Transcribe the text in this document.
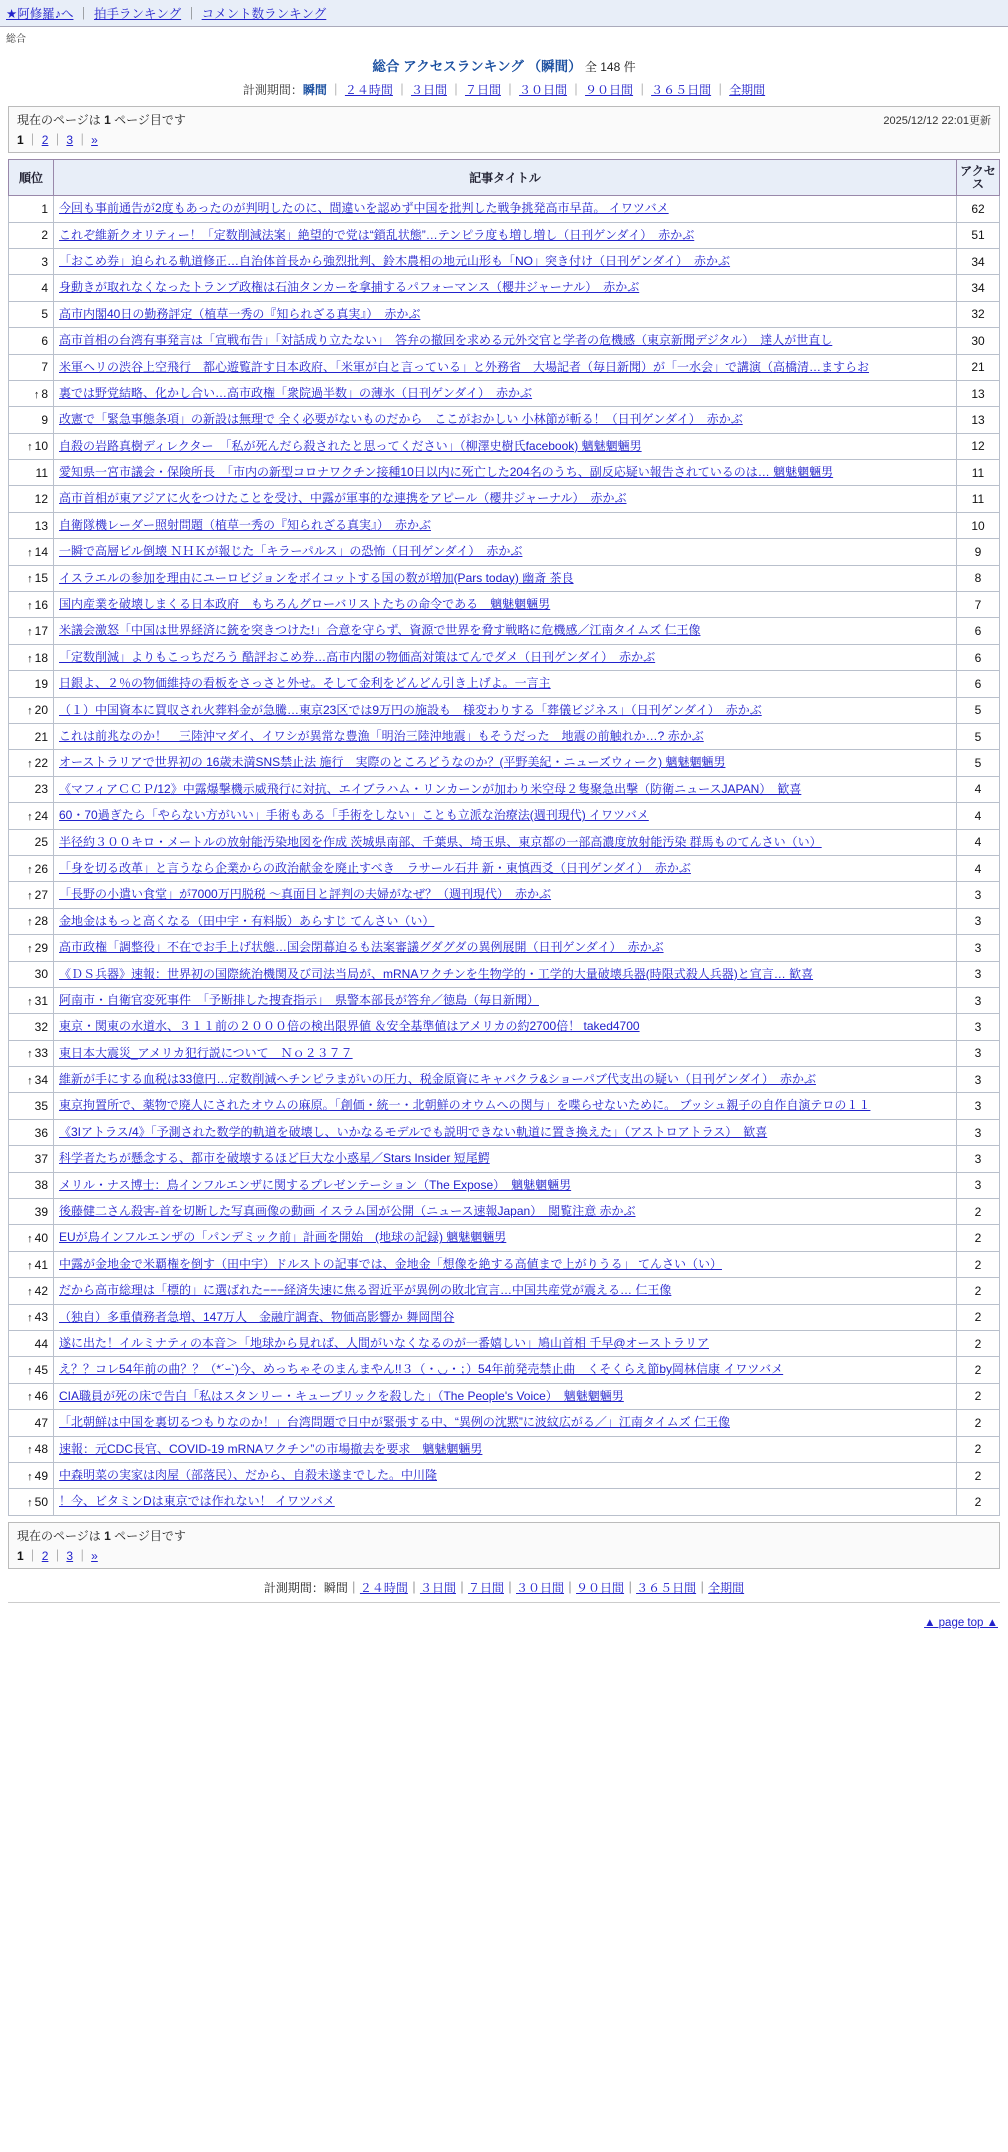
★阿修羅♪へ ｜ 拍手ランキング ｜ コメント数ランキング
総合
総合 アクセスランキング （瞬間） 全 148 件
計測期間：瞬間 ｜ ２４時間 ｜ ３日間 ｜ ７日間 ｜ ３０日間 ｜ ９０日間 ｜ ３６５日間 ｜ 全期間
現在のページは 1 ページ目です
1 ｜ 2 ｜ 3 ｜ »
2025/12/12 22:01更新
順位	記事タイトル	アクセス
1	今回も事前通告が2度もあったのが判明したのに、間違いを認めず中国を批判した戦争挑発高市早苗。 イワツバメ	62
2	これぞ維新クオリティー！「定数削減法案」絶望的で党は“鎖乱状態”…テンピラ度も増し増し（日刊ゲンダイ）　赤かぶ	51
3	「おこめ券」迫られる軌道修正…自治体首長から強烈批判、鈴木農相の地元山形も「NO」突き付け（日刊ゲンダイ）　赤かぶ	34
4	身動きが取れなくなったトランプ政権は石油タンカーを拿捕するパフォーマンス（櫻井ジャーナル）　赤かぶ	34
5	高市内閣40日の勤務評定（植草一秀の『知られざる真実』）　赤かぶ	32
6	高市首相の台湾有事発言は「宣戦布告」「対話成り立たない」　答弁の撤回を求める元外交官と学者の危機感（東京新聞デジタル）　達人が世直し	30
7	米軍ヘリの渋谷上空飛行　都心遊覧許す日本政府、「米軍が白と言っている」と外務省　大場記者（毎日新聞）が「一水会」で講演（高橋清…ますらお	21
↑ 8	裏では野党結略、化かし合い…高市政権「衆院過半数」の薄氷（日刊ゲンダイ）　赤かぶ	13
9	改憲で「緊急事態条項」の新設は無理で 全く必要がないものだから　ここがおかしい 小林節が斬る！（日刊ゲンダイ）　赤かぶ	13
↑ 10	自殺の岩路真樹ディレクター　「私が死んだら殺されたと思ってください」（柳澤史樹氏facebook) 魑魅魍魎男	12
11	愛知県一宮市議会・保険所長　「市内の新型コロナワクチン接種10日以内に死亡した204名のうち、副反応疑い報告されているのは… 魑魅魍魎男	11
12	高市首相が東アジアに火をつけたことを受け、中露が軍事的な連携をアピール（櫻井ジャーナル）　赤かぶ	11
13	自衛隊機レーダー照射問題（植草一秀の『知られざる真実』）　赤かぶ	10
↑ 14	一瞬で高層ビル倒壊 ＮＨＫが報じた「キラーパルス」の恐怖（日刊ゲンダイ）　赤かぶ	9
↑ 15	イスラエルの参加を理由にユーロビジョンをボイコットする国の数が増加(Pars today) 幽斎 茶良	8
↑ 16	国内産業を破壊しまくる日本政府　もちろんグローバリストたちの命令である　魑魅魍魎男	7
↑ 17	米議会激怒「中国は世界経済に銃を突きつけた!」合意を守らず、資源で世界を脅す戦略に危機感／江南タイムズ 仁王像	6
↑ 18	「定数削減」よりもこっちだろう 酷評おこめ券…高市内閣の物価高対策はてんでダメ（日刊ゲンダイ）　赤かぶ	6
19	日銀よ、２％の物価維持の看板をさっさと外せ。そして金利をどんどん引き上げよ。一言主	6
↑ 20	（１）中国資本に買収され火葬料金が急騰…東京23区では9万円の施設も　様変わりする「葬儀ビジネス」（日刊ゲンダイ）　赤かぶ	5
21	これは前兆なのか！　三陸沖マダイ、イワシが異常な豊漁「明治三陸沖地震」もそうだった　地震の前触れか…? 赤かぶ	5
↑ 22	オーストラリアで世界初の 16歳未満SNS禁止法 施行　実際のところどうなのか？(平野美紀・ニューズウィーク) 魑魅魍魎男	5
23	《マフィアＣＣＰ/12》中露爆撃機示威飛行に対抗、エイブラハム・リンカーンが加わり米空母２隻聚急出撃（防衛ニュースJAPAN）　歓喜	4
↑ 24	60・70過ぎたら「やらない方がいい」手術もある「手術をしない」ことも立派な治療法(週刊現代) イワツバメ	4
25	半径約３００キロ・メートルの放射能汚染地図を作成 茨城県南部、千葉県、埼玉県、東京都の一部高濃度放射能汚染 群馬ものてんさい（い）	4
↑ 26	「身を切る改革」と言うなら企業からの政治献金を廃止すべき　ラサール石井 新・東慎西爻（日刊ゲンダイ）　赤かぶ	4
↑ 27	「長野の小遣い食堂」が7000万円脱税 〜真面目と評判の夫婦がなぜ？（週刊現代）　赤かぶ	3
↑ 28	金地金はもっと高くなる（田中宇・有料版）あらすじ てんさい（い）	3
↑ 29	高市政権「調整役」不在でお手上げ状態…国会閉幕迫るも法案審議グダグダの異例展開（日刊ゲンダイ）　赤かぶ	3
30	《ＤＳ兵器》速報：世界初の国際統治機関及び司法当局が、mRNAワクチンを生物学的・工学的大量破壊兵器(時限式殺人兵器)と宣言… 歓喜	3
↑ 31	阿南市・自衛官変死事件　「予断排した捜査指示」　県警本部長が答弁／徳島（毎日新聞）	3
32	東京・関東の水道水、３１１前の２０００倍の検出限界値 ＆安全基準値はアメリカの約2700倍！ taked4700	3
↑ 33	東日本大震災_アメリカ犯行説について　Ｎｏ２３７７	3
↑ 34	維新が手にする血税は33億円…定数削減へチンピラまがいの圧力、税金原資にキャバクラ&ショーパブ代支出の疑い（日刊ゲンダイ）　赤かぶ	3
35	東京拘置所で、薬物で廃人にされたオウムの麻原。「創価・統一・北朝鮮のオウムへの関与」を喋らせないために。 ブッシュ親子の自作自演テロの１１	3
36	《3Iアトラス/4》「予測された数学的軌道を破壊し、いかなるモデルでも説明できない軌道に置き換えた」（アストロアトラス）　歓喜	3
37	科学者たちが懸念する、都市を破壊するほど巨大な小惑星／Stars Insider 短尾鰐	3
38	メリル・ナス博士：鳥インフルエンザに関するプレゼンテーション（The Expose）　魑魅魍魎男	3
39	後藤健二さん殺害-首を切断した写真画像の動画 イスラム国が公開（ニュース速報Japan）　閲覧注意 赤かぶ	2
↑ 40	EUが鳥インフルエンザの「パンデミック前」計画を開始　(地球の記録) 魑魅魍魎男	2
↑ 41	中露が金地金で米覇権を倒す（田中宇）ドルストの記事では、金地金「想像を絶する高値まで上がりうる」 てんさい（い）	2
↑ 42	だから高市総理は「標的」に選ばれた−−−経済失速に焦る習近平が異例の敗北宣言…中国共産党が震える… 仁王像	2
↑ 43	（独自）多重債務者急増、147万人　金融庁調査、物価高影響か 舞岡閏谷	2
44	遂に出た！イルミナティの本音＞「地球から見れば、人間がいなくなるのが一番嬉しい」鳩山首相 千早@オーストラリア	2
↑ 45	え？？コレ54年前の曲？？（*´ｰ`)今、めっちゃそのまんまやん!!３（・◡・；）54年前発売禁止曲　くそくらえ節by岡林信康 イワツバメ	2
↑ 46	CIA職員が死の床で告白「私はスタンリー・キューブリックを殺した」（The People's Voice）　魑魅魍魎男	2
47	「北朝鮮は中国を裏切るつもりなのか！」台湾問題で日中が緊張する中、“異例の沈黙”に波紋広がる／」江南タイムズ 仁王像	2
↑ 48	速報：元CDC長官、COVID-19 mRNAワクチン”の市場撤去を要求　魑魅魍魎男	2
↑ 49	中森明菜の実家は肉屋（部落民）、だから、自殺未遂までした。中川隆	2
↑ 50	！今、ビタミンDは東京では作れない！ イワツバメ	2
現在のページは 1 ページ目です
1 ｜ 2 ｜ 3 ｜ »
計測期間：瞬間｜２４時間｜３日間｜７日間｜３０日間｜９０日間｜３６５日間｜全期間
▲ page top ▲
